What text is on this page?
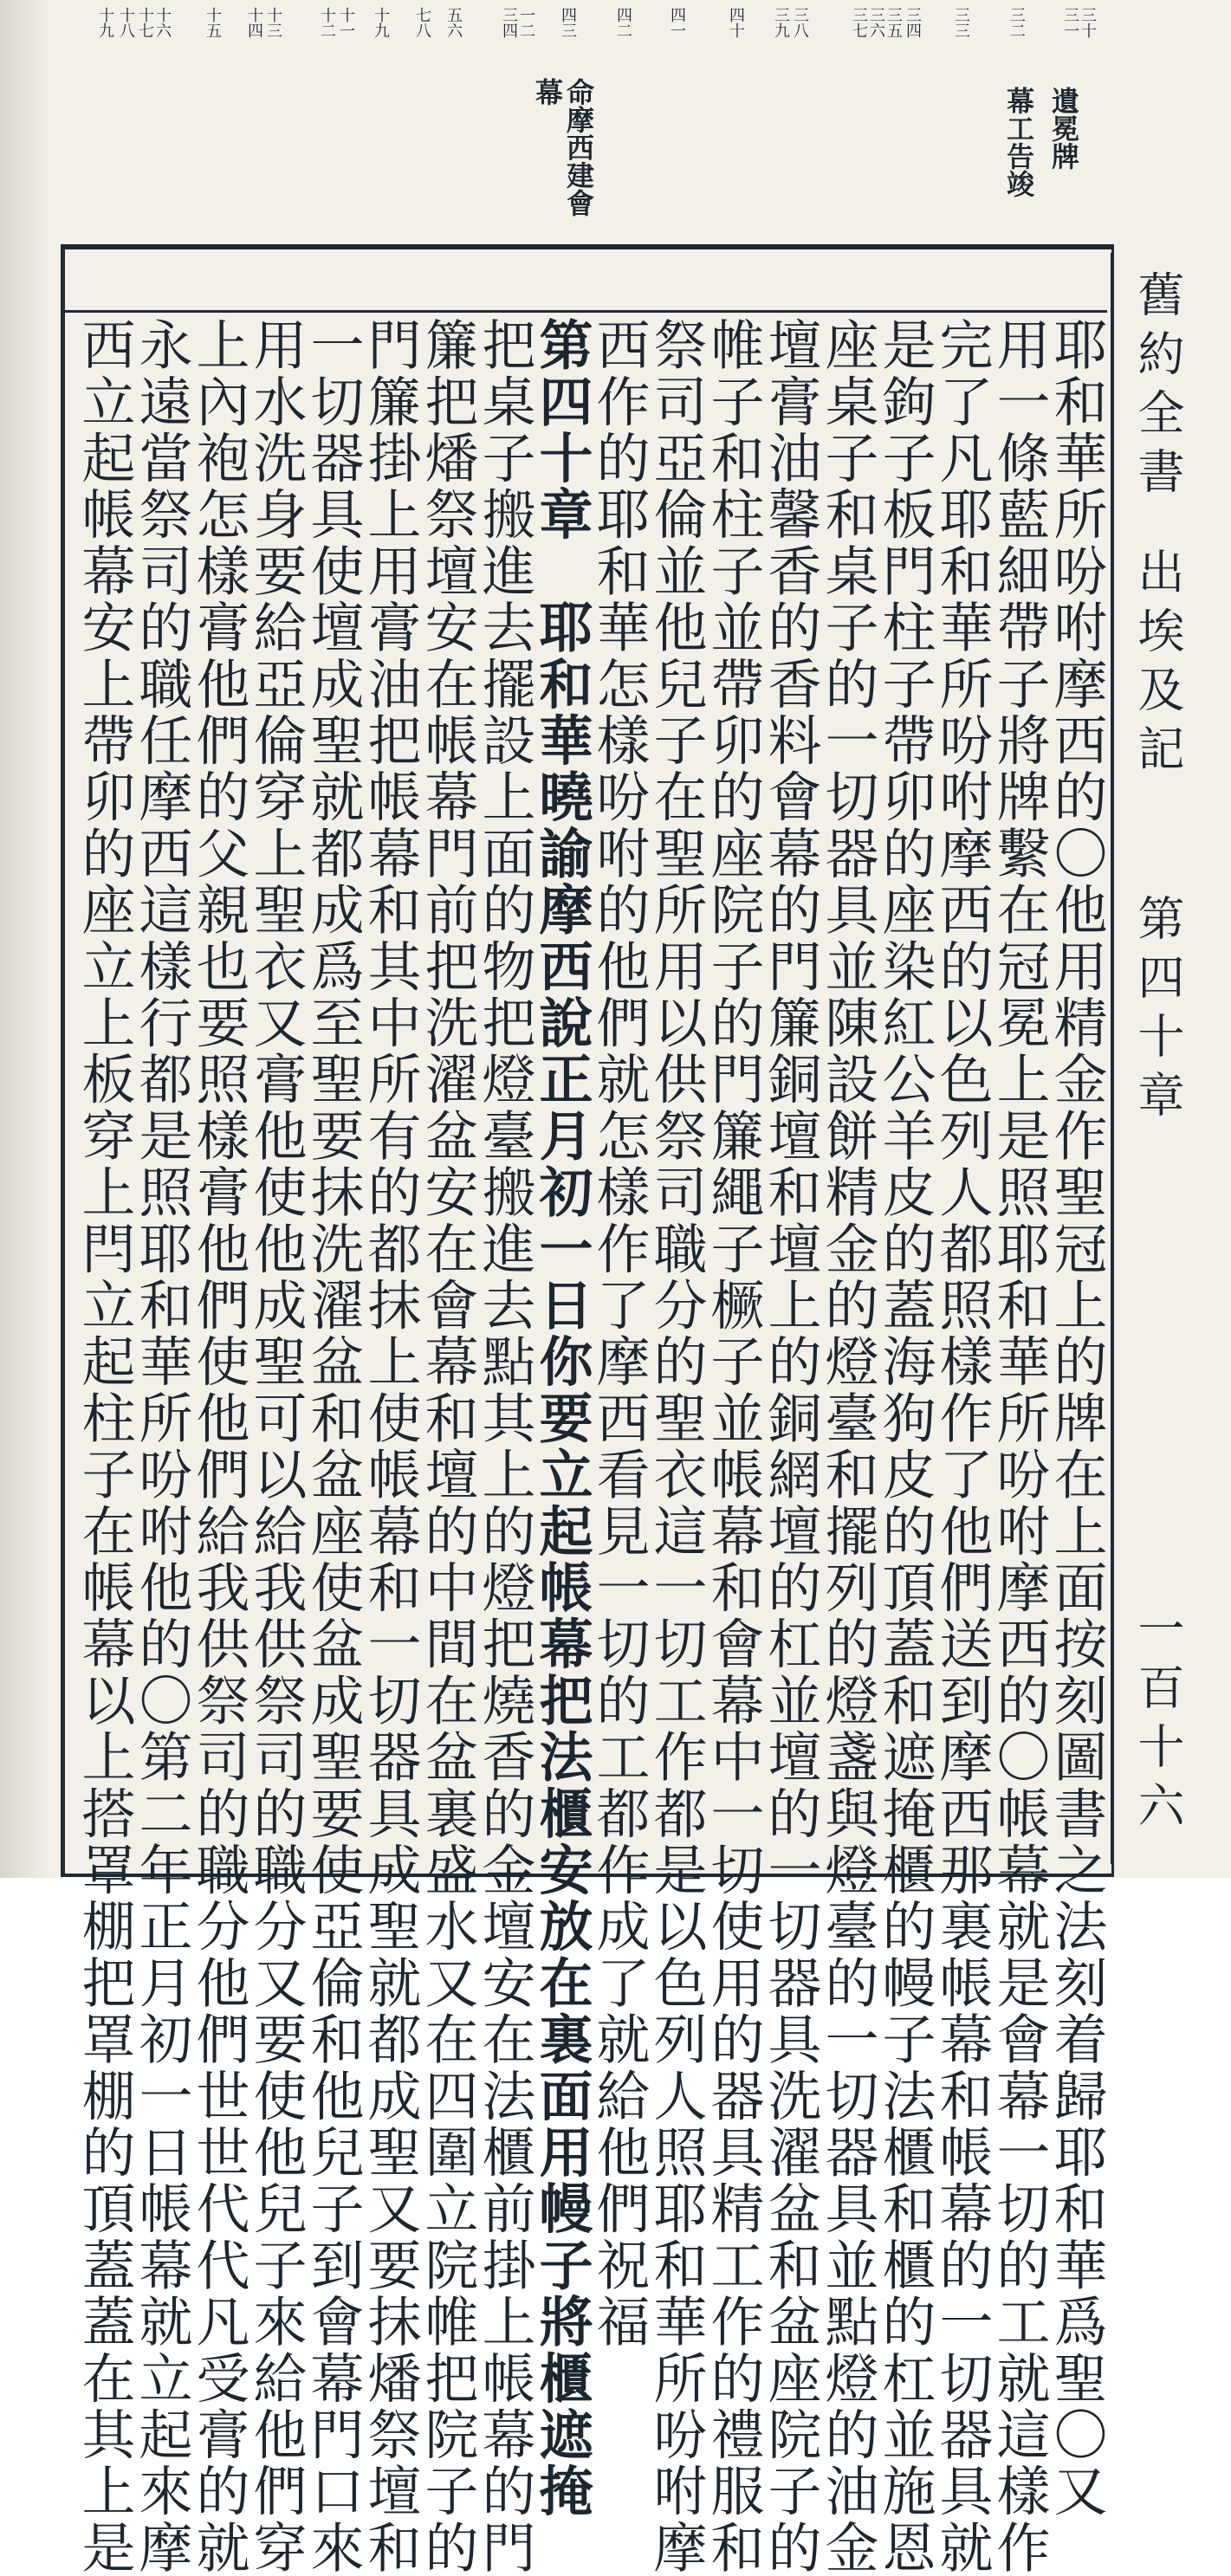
遺冕牌
幕工告竣
命摩西建會
幕
舊約全書
出埃及記
第四十章
一百十六
三十
三一
三二
三三
三四
三五
三六
三七
三八
三九
四十
四一
四二
四三
一二
三四
五六
七八
十九
十一
十二
十三
十四
十五
十六
十七
十八
十九
耶和華所吩咐摩西的〇他用精金作聖冠上的牌在上面按刻圖書之法刻着歸耶和華爲聖〇又
用一條藍細帶子將牌繫在冠冕上是照耶和華所吩咐摩西的〇帳幕就是會幕一切的工就這樣作
完了凡耶和華所吩咐摩西的以色列人都照樣作了他們送到摩西那裏帳幕和帳幕的一切器具就
是鉤子板門柱子帶卯的座染紅公羊皮的蓋海狗皮的頂蓋和遮掩櫃的幔子法櫃和櫃的杠並施恩
座桌子和桌子的一切器具並陳設餅精金的燈臺和擺列的燈盞與燈臺的一切器具並點燈的油金
壇膏油馨香的香料會幕的門簾銅壇和壇上的銅網壇的杠並壇的一切器具洗濯盆和盆座院子的
帷子和柱子並帶卯的座院子的門簾繩子橛子並帳幕和會幕中一切使用的器具精工作的禮服和
祭司亞倫並他兒子在聖所用以供祭司職分的聖衣這一切工作都是以色列人照耶和華所吩咐摩
西作的耶和華怎樣吩咐的他們就怎樣作了摩西看見一切的工都作成了就給他們祝福
第四十章　耶和華曉諭摩西說正月初一日你要立起帳幕把法櫃安放在裏面用幔子將櫃遮掩
把桌子搬進去擺設上面的物把燈臺搬進去點其上的燈把燒香的金壇安在法櫃前掛上帳幕的門
簾把燔祭壇安在帳幕門前把洗濯盆安在會幕和壇的中間在盆裏盛水又在四圍立院帷把院子的
門簾掛上用膏油把帳幕和其中所有的都抹上使帳幕和一切器具成聖就都成聖又要抹燔祭壇和
一切器具使壇成聖就都成爲至聖要抹洗濯盆和盆座使盆成聖要使亞倫和他兒子到會幕門口來
用水洗身要給亞倫穿上聖衣又膏他使他成聖可以給我供祭司的職分又要使他兒子來給他們穿
上內袍怎樣膏他們的父親也要照樣膏他們使他們給我供祭司的職分他們世世代代凡受膏的就
永遠當祭司的職任摩西這樣行都是照耶和華所吩咐他的〇第二年正月初一日帳幕就立起來摩
西立起帳幕安上帶卯的座立上板穿上閂立起柱子在帳幕以上搭罩棚把罩棚的頂蓋蓋在其上是
